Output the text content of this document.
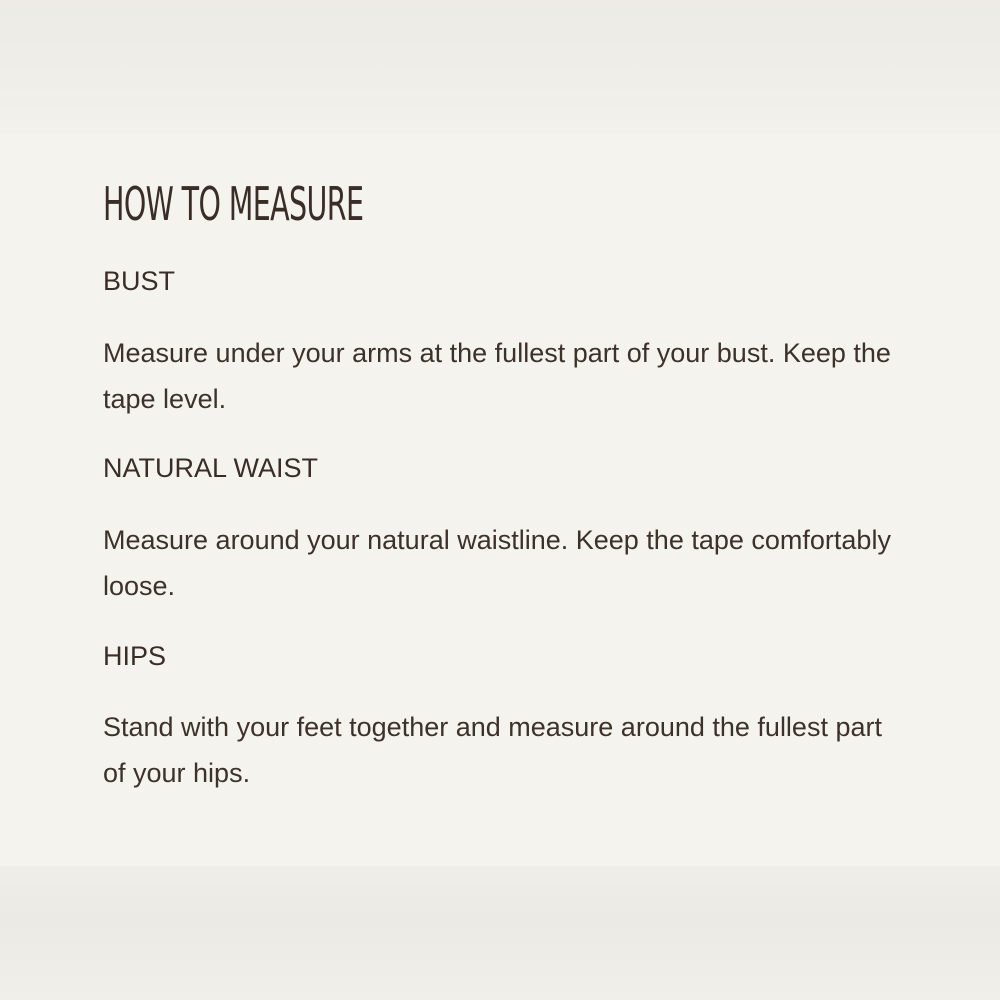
HOW TO MEASURE
BUST

Measure under your arms at the fullest part of your bust. Keep the tape level.

NATURAL WAIST

Measure around your natural waistline. Keep the tape comfortably loose.

HIPS

Stand with your feet together and measure around the fullest part of your hips.
